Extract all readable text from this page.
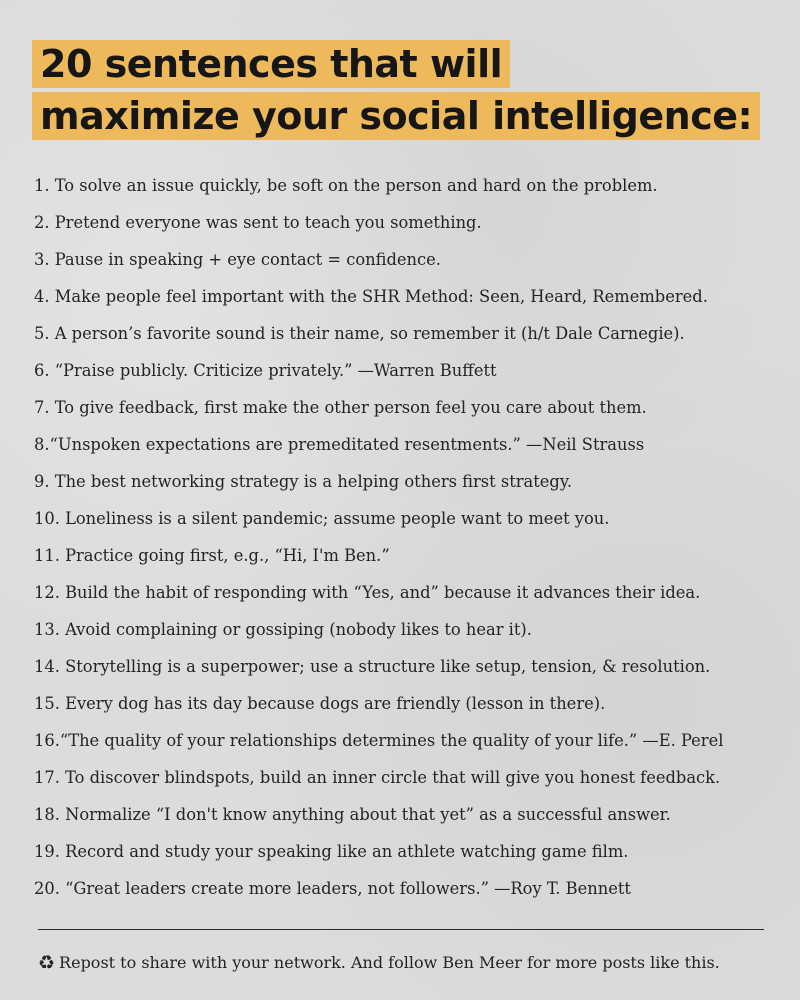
20 sentences that will
maximize your social intelligence:
1. To solve an issue quickly, be soft on the person and hard on the problem.
2. Pretend everyone was sent to teach you something.
3. Pause in speaking + eye contact = confidence.
4. Make people feel important with the SHR Method: Seen, Heard, Remembered.
5. A person’s favorite sound is their name, so remember it (h/t Dale Carnegie).
6. “Praise publicly. Criticize privately.” —Warren Buffett
7. To give feedback, first make the other person feel you care about them.
8.“Unspoken expectations are premeditated resentments.” —Neil Strauss
9. The best networking strategy is a helping others first strategy.
10. Loneliness is a silent pandemic; assume people want to meet you.
11. Practice going first, e.g., “Hi, I'm Ben.”
12. Build the habit of responding with “Yes, and” because it advances their idea.
13. Avoid complaining or gossiping (nobody likes to hear it).
14. Storytelling is a superpower; use a structure like setup, tension, & resolution.
15. Every dog has its day because dogs are friendly (lesson in there).
16.“The quality of your relationships determines the quality of your life.” —E. Perel
17. To discover blindspots, build an inner circle that will give you honest feedback.
18. Normalize “I don't know anything about that yet” as a successful answer.
19. Record and study your speaking like an athlete watching game film.
20. “Great leaders create more leaders, not followers.” —Roy T. Bennett
♻ Repost to share with your network. And follow Ben Meer for more posts like this.
